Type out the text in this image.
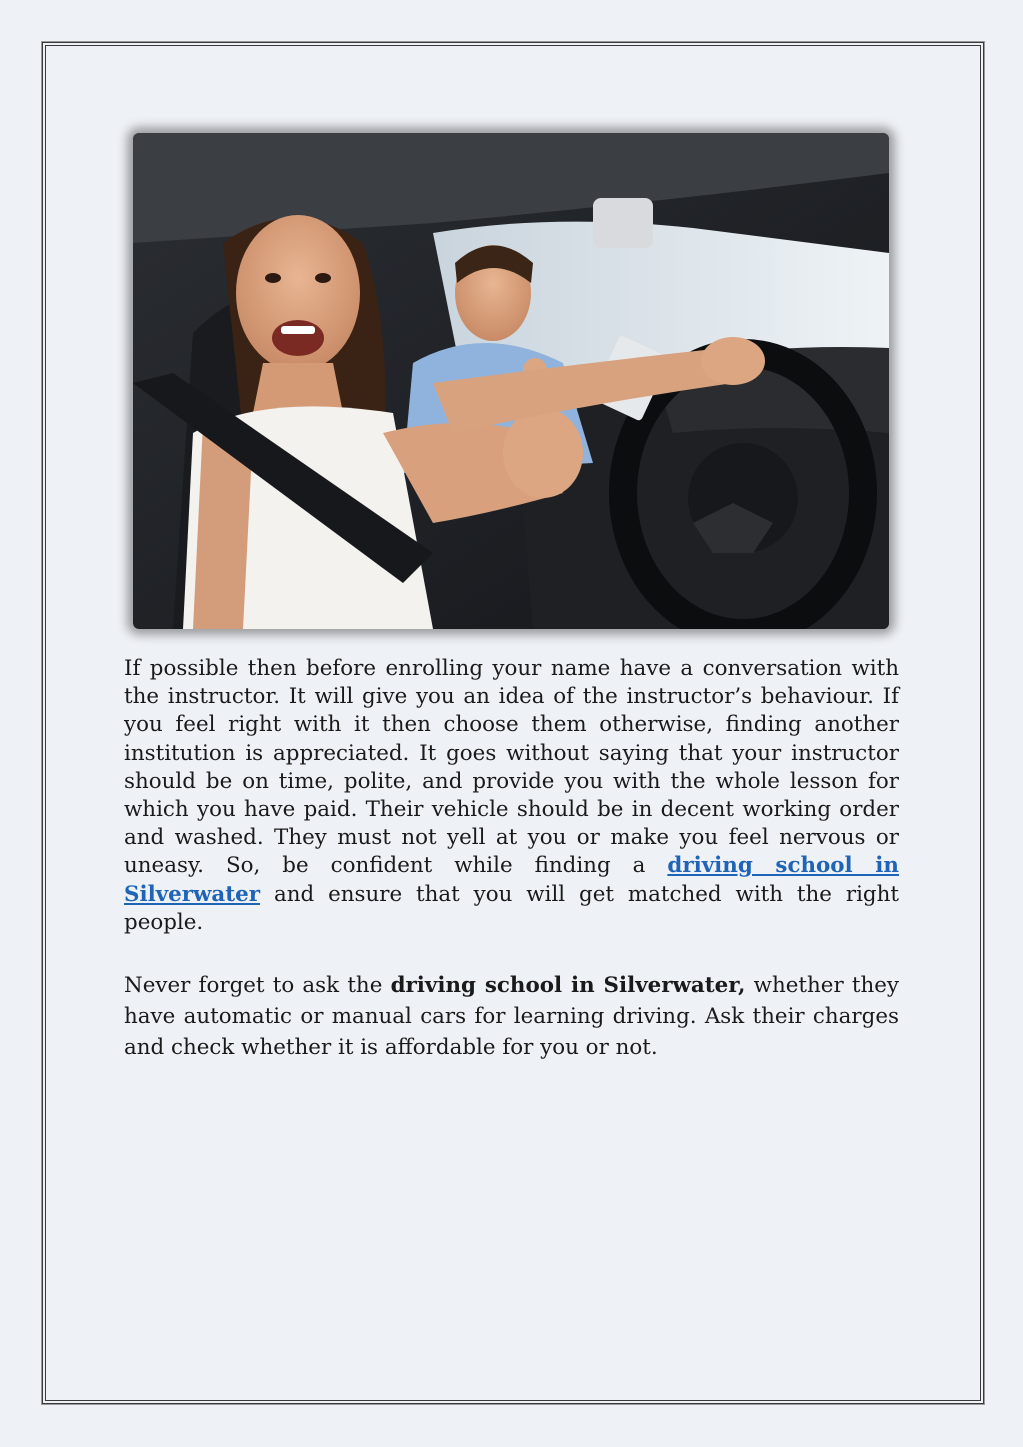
If possible then before enrolling your name have a conversation with the instructor. It will give you an idea of the instructor’s behaviour. If you feel right with it then choose them otherwise, finding another institution is appreciated. It goes without saying that your instructor should be on time, polite, and provide you with the whole lesson for which you have paid. Their vehicle should be in decent working order and washed. They must not yell at you or make you feel nervous or uneasy. So, be confident while finding a driving school in Silverwater and ensure that you will get matched with the right people.

Never forget to ask the driving school in Silverwater, whether they have automatic or manual cars for learning driving. Ask their charges and check whether it is affordable for you or not.
